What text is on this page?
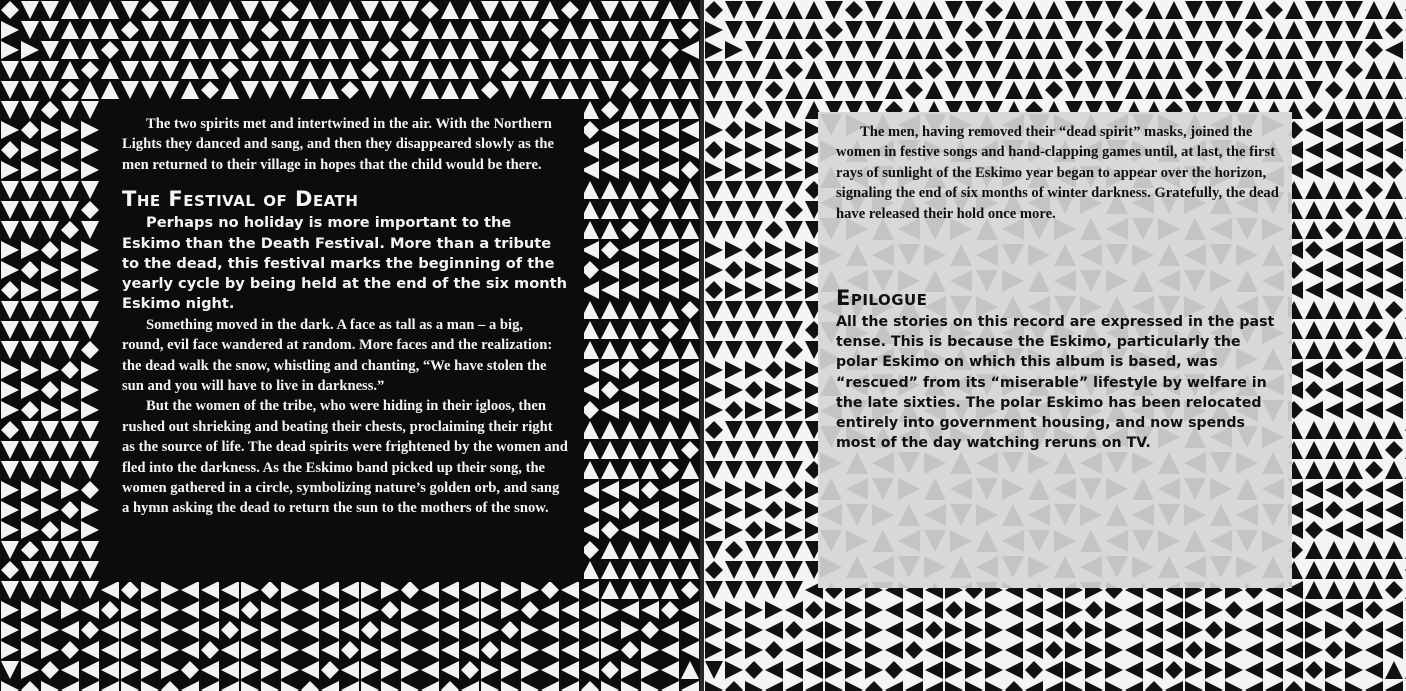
The two spirits met and intertwined in the air. With the Northern Lights they danced and sang, and then they disappeared slowly as the men returned to their village in hopes that the child would be there.

The Festival of Death

Perhaps no holiday is more important to the Eskimo than the Death Festival. More than a tribute to the dead, this festival marks the beginning of the yearly cycle by being held at the end of the six month Eskimo night.

Something moved in the dark. A face as tall as a man – a big, round, evil face wandered at random. More faces and the realization: the dead walk the snow, whistling and chanting, “We have stolen the sun and you will have to live in darkness.”

But the women of the tribe, who were hiding in their igloos, then rushed out shrieking and beating their chests, proclaiming their right as the source of life. The dead spirits were frightened by the women and fled into the darkness. As the Eskimo band picked up their song, the women gathered in a circle, symbolizing nature’s golden orb, and sang a hymn asking the dead to return the sun to the mothers of the snow.

The men, having removed their “dead spirit” masks, joined the women in festive songs and hand-clapping games until, at last, the first rays of sunlight of the Eskimo year began to appear over the horizon, signaling the end of six months of winter darkness. Gratefully, the dead have released their hold once more.

Epilogue

All the stories on this record are expressed in the past tense. This is because the Eskimo, particularly the polar Eskimo on which this album is based, was “rescued” from its “miserable” lifestyle by welfare in the late sixties. The polar Eskimo has been relocated entirely into government housing, and now spends most of the day watching reruns on TV.
